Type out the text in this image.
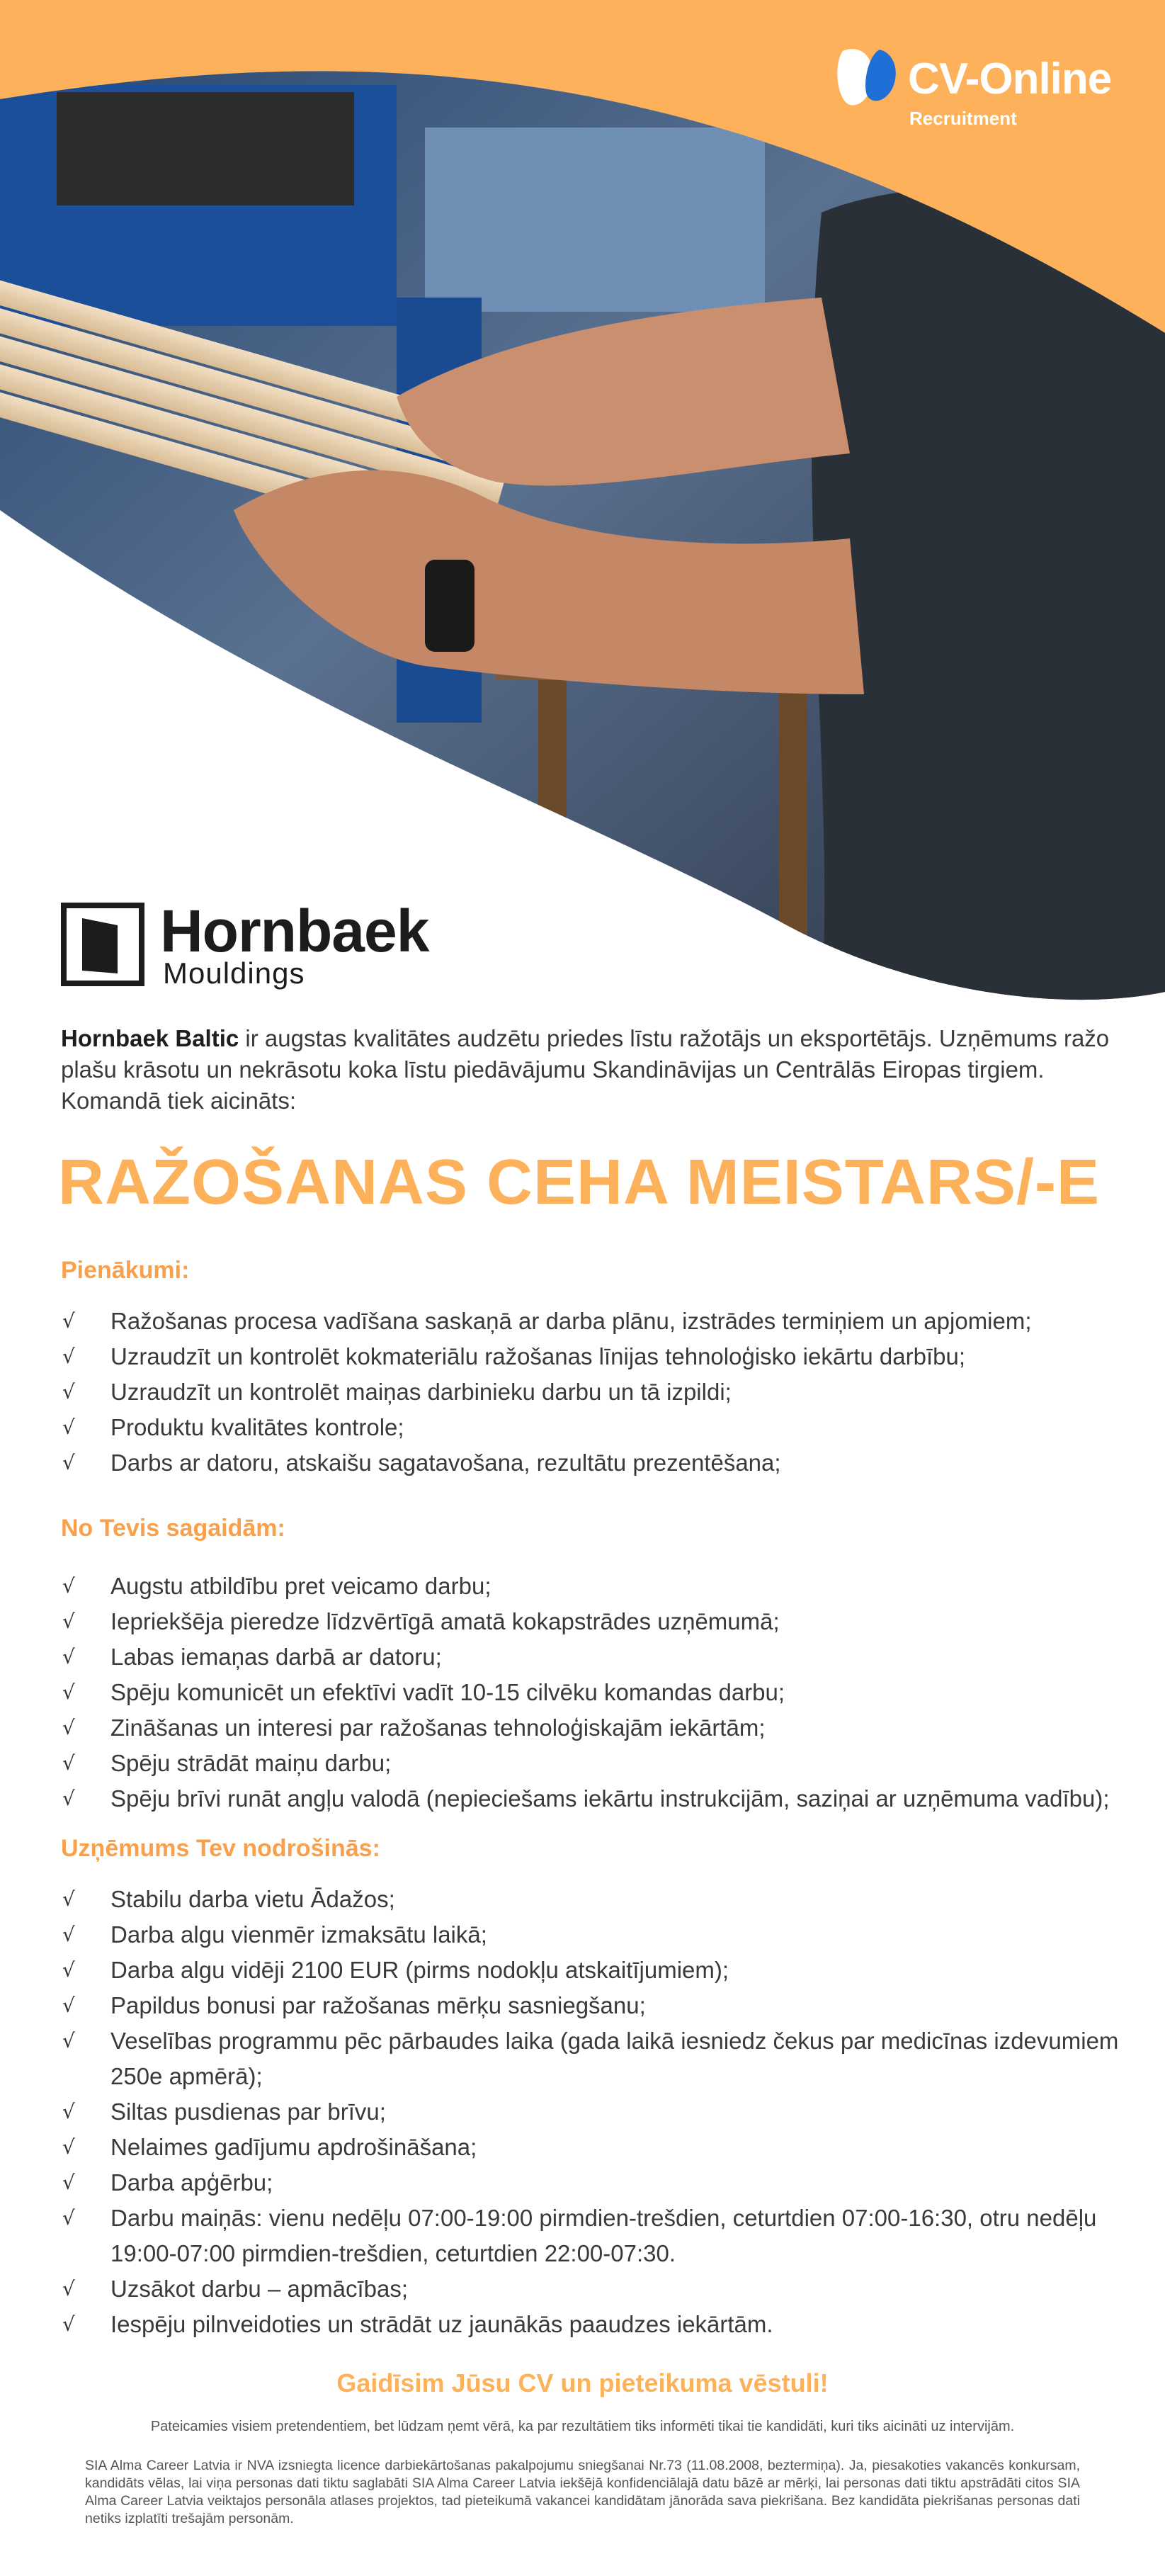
CV-Online
Recruitment
Hornbaek
Mouldings
Hornbaek Baltic ir augstas kvalitātes audzētu priedes līstu ražotājs un eksportētājs. Uzņēmums ražo plašu krāsotu un nekrāsotu koka līstu piedāvājumu Skandināvijas un Centrālās Eiropas tirgiem. Komandā tiek aicināts:
RAŽOŠANAS CEHA MEISTARS/-E
Pienākumi:
√ Ražošanas procesa vadīšana saskaņā ar darba plānu, izstrādes termiņiem un apjomiem;
√ Uzraudzīt un kontrolēt kokmateriālu ražošanas līnijas tehnoloģisko iekārtu darbību;
√ Uzraudzīt un kontrolēt maiņas darbinieku darbu un tā izpildi;
√ Produktu kvalitātes kontrole;
√ Darbs ar datoru, atskaišu sagatavošana, rezultātu prezentēšana;
No Tevis sagaidām:
√ Augstu atbildību pret veicamo darbu;
√ Iepriekšēja pieredze līdzvērtīgā amatā kokapstrādes uzņēmumā;
√ Labas iemaņas darbā ar datoru;
√ Spēju komunicēt un efektīvi vadīt 10-15 cilvēku komandas darbu;
√ Zināšanas un interesi par ražošanas tehnoloģiskajām iekārtām;
√ Spēju strādāt maiņu darbu;
√ Spēju brīvi runāt angļu valodā (nepieciešams iekārtu instrukcijām, saziņai ar uzņēmuma vadību);
Uzņēmums Tev nodrošinās:
√ Stabilu darba vietu Ādažos;
√ Darba algu vienmēr izmaksātu laikā;
√ Darba algu vidēji 2100 EUR (pirms nodokļu atskaitījumiem);
√ Papildus bonusi par ražošanas mērķu sasniegšanu;
√ Veselības programmu pēc pārbaudes laika (gada laikā iesniedz čekus par medicīnas izdevumiem 250e apmērā);
√ Siltas pusdienas par brīvu;
√ Nelaimes gadījumu apdrošināšana;
√ Darba apģērbu;
√ Darbu maiņās: vienu nedēļu 07:00-19:00 pirmdien-trešdien, ceturtdien 07:00-16:30, otru nedēļu 19:00-07:00 pirmdien-trešdien, ceturtdien 22:00-07:30.
√ Uzsākot darbu – apmācības;
√ Iespēju pilnveidoties un strādāt uz jaunākās paaudzes iekārtām.
Gaidīsim Jūsu CV un pieteikuma vēstuli!
Pateicamies visiem pretendentiem, bet lūdzam ņemt vērā, ka par rezultātiem tiks informēti tikai tie kandidāti, kuri tiks aicināti uz intervijām.
SIA Alma Career Latvia ir NVA izsniegta licence darbiekārtošanas pakalpojumu sniegšanai Nr.73 (11.08.2008, beztermiņa). Ja, piesakoties vakancēs konkursam, kandidāts vēlas, lai viņa personas dati tiktu saglabāti SIA Alma Career Latvia iekšējā konfidenciālajā datu bāzē ar mērķi, lai personas dati tiktu apstrādāti citos SIA Alma Career Latvia veiktajos personāla atlases projektos, tad pieteikumā vakancei kandidātam jānorāda sava piekrišana. Bez kandidāta piekrišanas personas dati netiks izplatīti trešajām personām.
